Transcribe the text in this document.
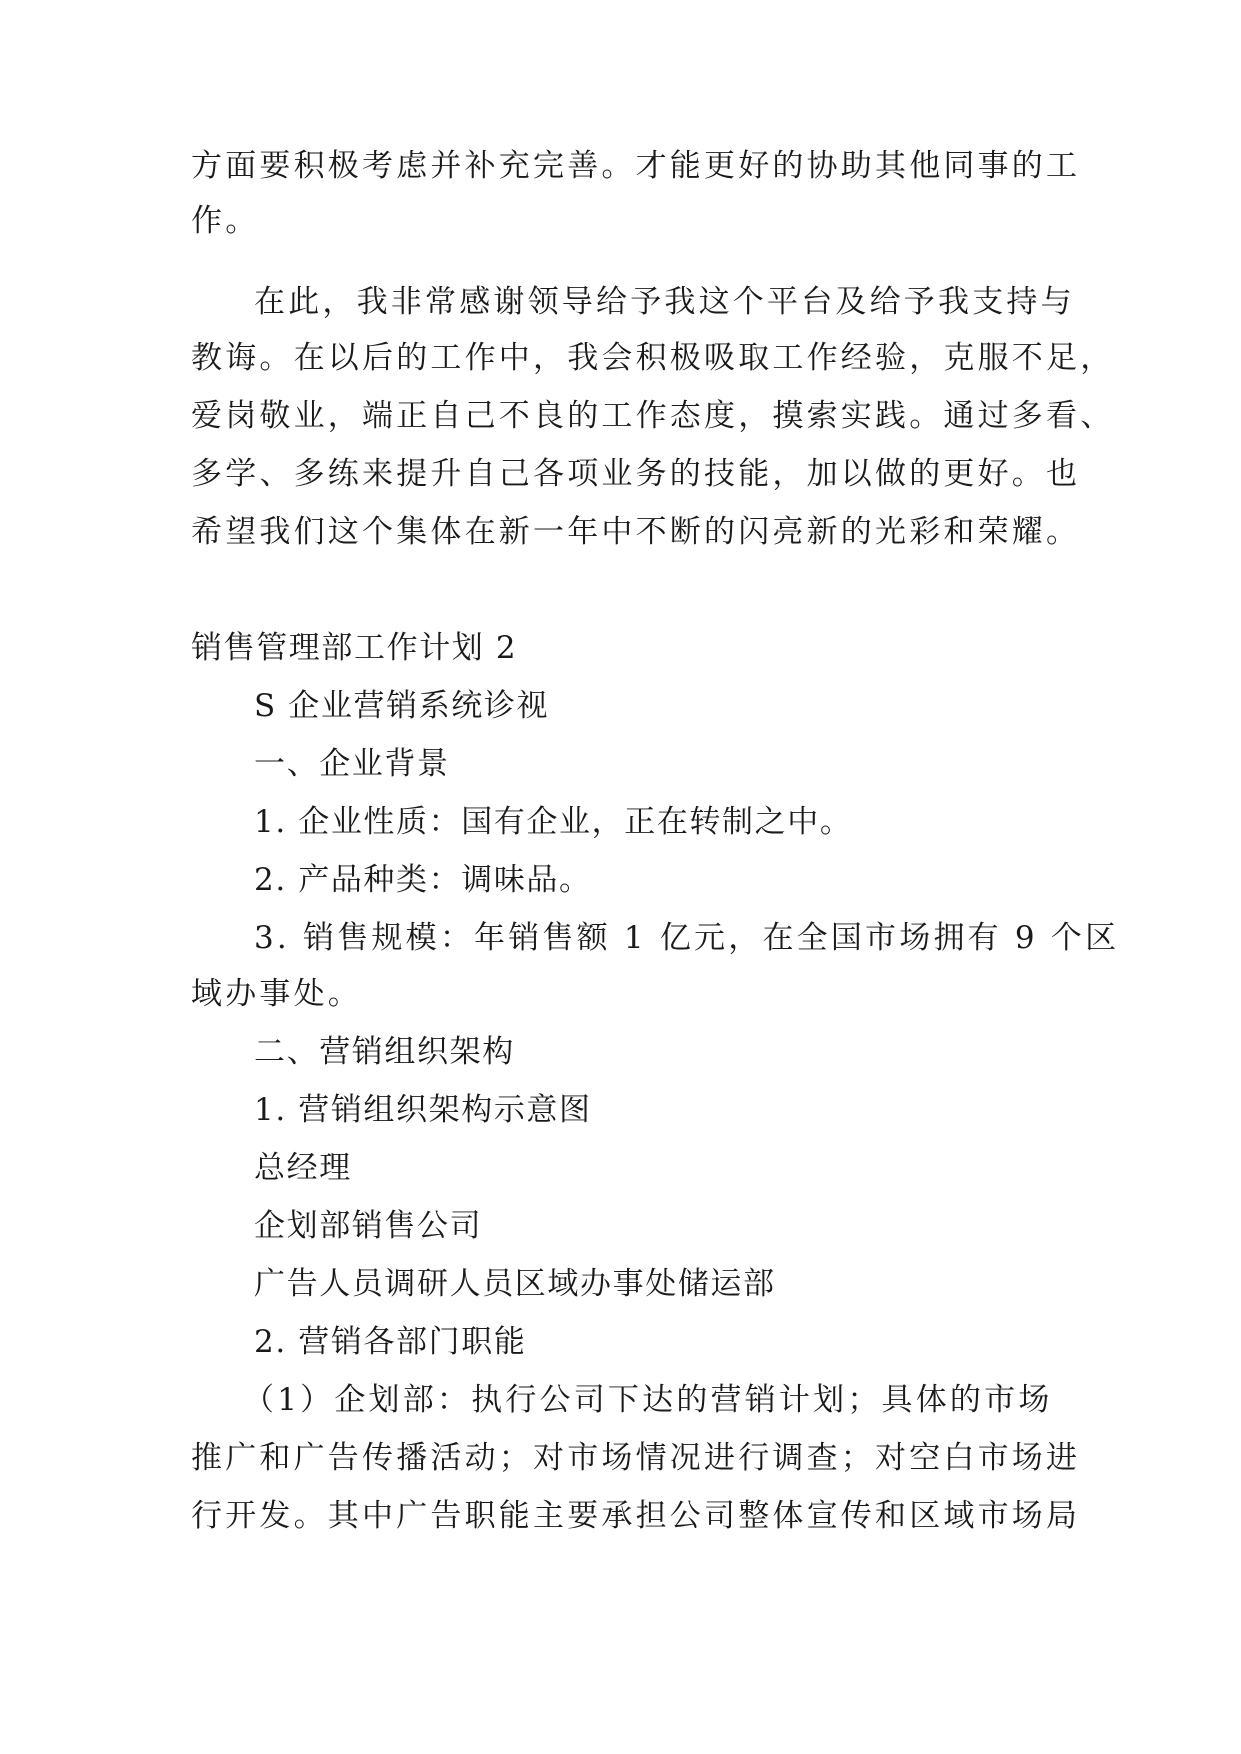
方面要积极考虑并补充完善。才能更好的协助其他同事的工
作。
在此，我非常感谢领导给予我这个平台及给予我支持与
教诲。在以后的工作中，我会积极吸取工作经验，克服不足，
爱岗敬业，端正自己不良的工作态度，摸索实践。通过多看、
多学、多练来提升自己各项业务的技能，加以做的更好。也
希望我们这个集体在新一年中不断的闪亮新的光彩和荣耀。
销售管理部工作计划 2
S 企业营销系统诊视
一、企业背景
1. 企业性质：国有企业，正在转制之中。
2. 产品种类：调味品。
3. 销售规模：年销售额 1 亿元，在全国市场拥有 9 个区
域办事处。
二、营销组织架构
1. 营销组织架构示意图
总经理
企划部销售公司
广告人员调研人员区域办事处储运部
2. 营销各部门职能
（1）企划部：执行公司下达的营销计划；具体的市场
推广和广告传播活动；对市场情况进行调查；对空白市场进
行开发。其中广告职能主要承担公司整体宣传和区域市场局
